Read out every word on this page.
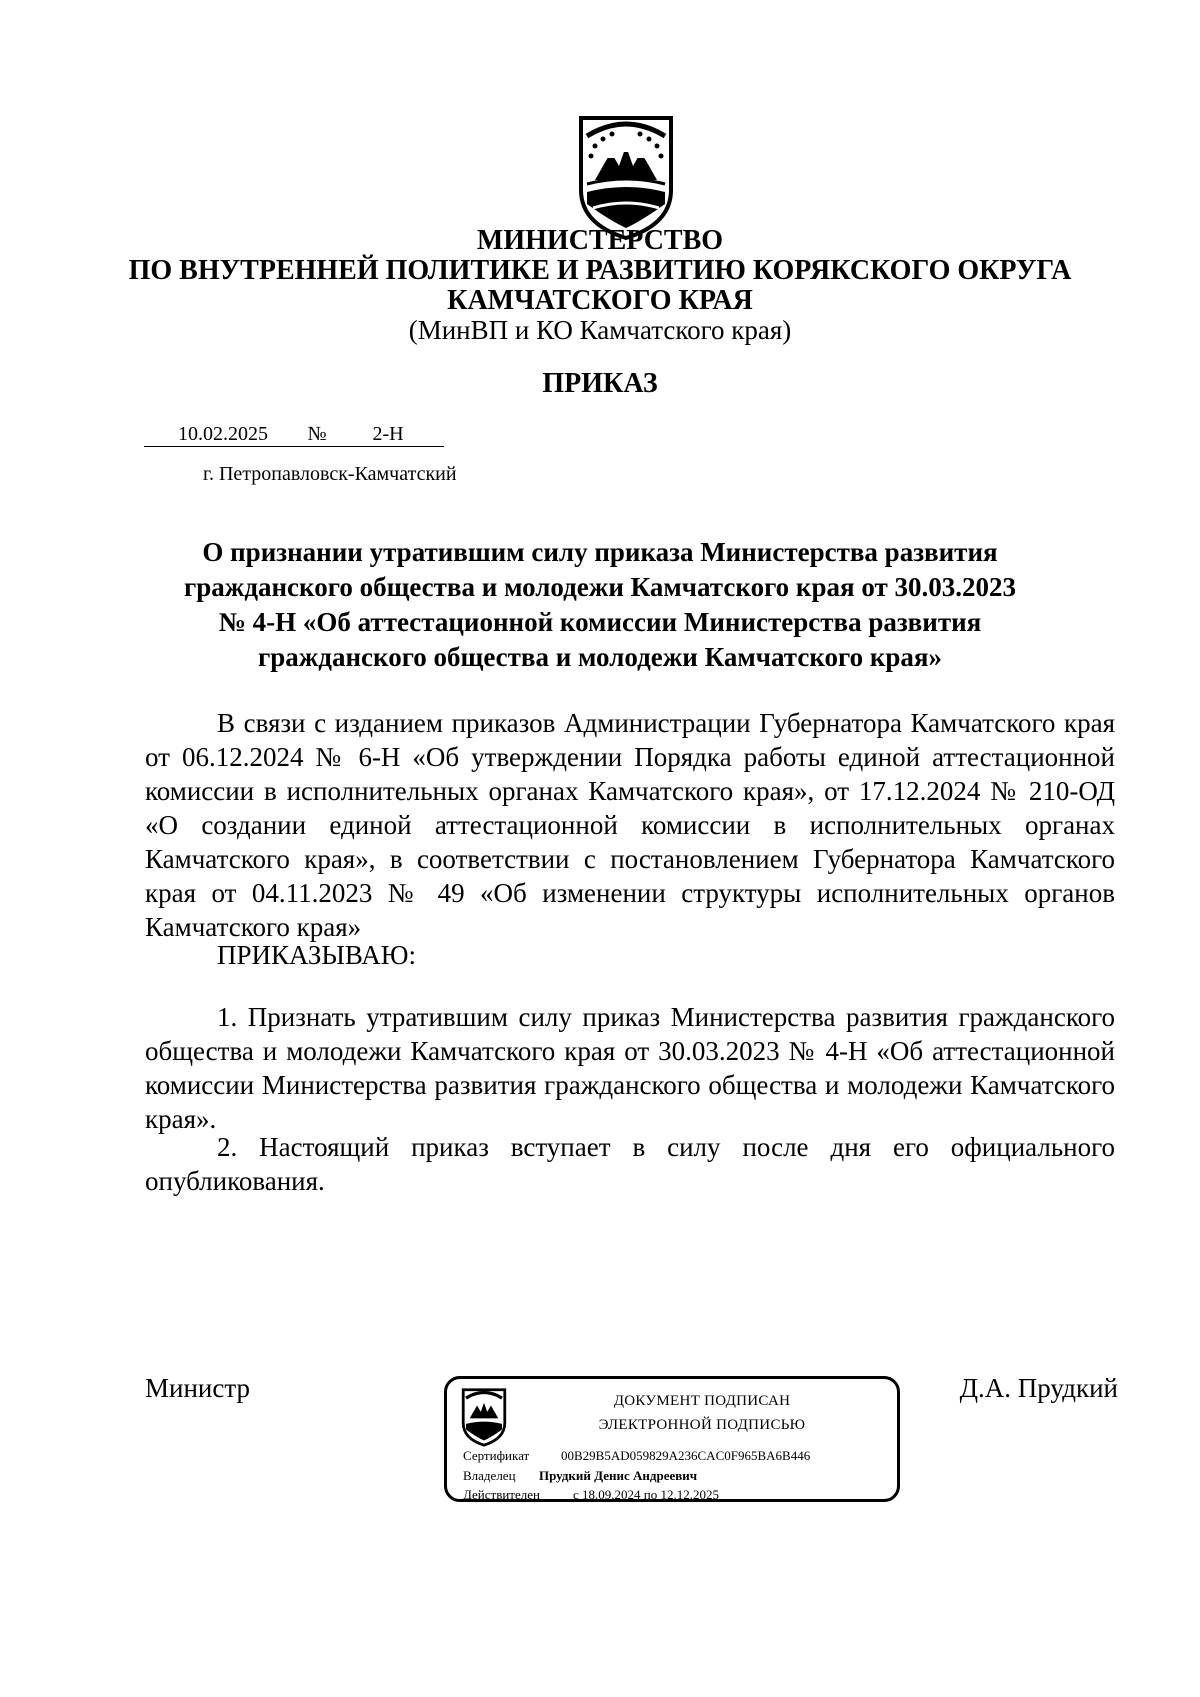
МИНИСТЕРСТВО
ПО ВНУТРЕННЕЙ ПОЛИТИКЕ И РАЗВИТИЮ КОРЯКСКОГО ОКРУГА
КАМЧАТСКОГО КРАЯ
(МинВП и КО Камчатского края)
ПРИКАЗ
10.02.2025 № 2-Н
г. Петропавловск-Камчатский
О признании утратившим силу приказа Министерства развития
гражданского общества и молодежи Камчатского края от 30.03.2023
№ 4-Н «Об аттестационной комиссии Министерства развития
гражданского общества и молодежи Камчатского края»

В связи с изданием приказов Администрации Губернатора Камчатского края от 06.12.2024 № 6-Н «Об утверждении Порядка работы единой аттестационной комиссии в исполнительных органах Камчатского края», от 17.12.2024 № 210-ОД «О создании единой аттестационной комиссии в исполнительных органах Камчатского края», в соответствии с постановлением Губернатора Камчатского края от 04.11.2023 № 49 «Об изменении структуры исполнительных органов Камчатского края»

ПРИКАЗЫВАЮ:

1. Признать утратившим силу приказ Министерства развития гражданского общества и молодежи Камчатского края от 30.03.2023 № 4-Н «Об аттестационной комиссии Министерства развития гражданского общества и молодежи Камчатского края».

2. Настоящий приказ вступает в силу после дня его официального опубликования.

Министр	Д.А. Прудкий
ДОКУМЕНТ ПОДПИСАН
ЭЛЕКТРОННОЙ ПОДПИСЬЮ
Сертификат 00B29B5AD059829A236CAC0F965BA6B446
Владелец Прудкий Денис Андреевич
Действителен	с 18.09.2024 по 12.12.2025
